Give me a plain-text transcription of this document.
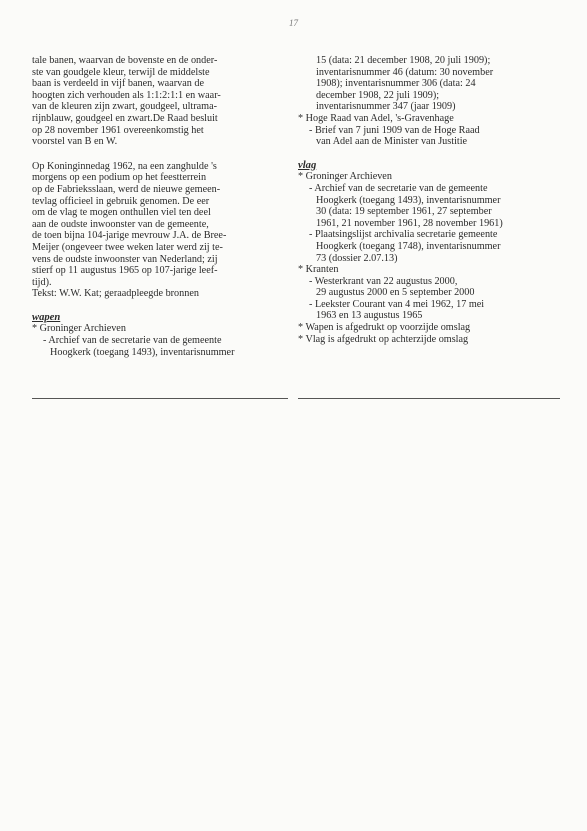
17

tale banen, waarvan de bovenste en de onder-
ste van goudgele kleur, terwijl de middelste
baan is verdeeld in vijf banen, waarvan de
hoogten zich verhouden als 1:1:2:1:1 en waar-
van de kleuren zijn zwart, goudgeel, ultrama-
rijnblauw, goudgeel en zwart.De Raad besluit
op 28 november 1961 overeenkomstig het
voorstel van B en W.

Op Koninginnedag 1962, na een zanghulde 's
morgens op een podium op het feestterrein
op de Fabrieksslaan, werd de nieuwe gemeen-
tevlag officieel in gebruik genomen. De eer
om de vlag te mogen onthullen viel ten deel
aan de oudste inwoonster van de gemeente,
de toen bijna 104-jarige mevrouw J.A. de Bree-
Meijer (ongeveer twee weken later werd zij te-
vens de oudste inwoonster van Nederland; zij
stierf op 11 augustus 1965 op 107-jarige leef-
tijd).
Tekst: W.W. Kat; geraadpleegde bronnen

wapen
* Groninger Archieven
- Archief van de secretarie van de gemeente
Hoogkerk (toegang 1493), inventarisnummer
15 (data: 21 december 1908, 20 juli 1909);
inventarisnummer 46 (datum: 30 november
1908); inventarisnummer 306 (data: 24
december 1908, 22 juli 1909);
inventarisnummer 347 (jaar 1909)
* Hoge Raad van Adel, 's-Gravenhage
- Brief van 7 juni 1909 van de Hoge Raad
van Adel aan de Minister van Justitie
vlag
* Groninger Archieven
- Archief van de secretarie van de gemeente
Hoogkerk (toegang 1493), inventarisnummer
30 (data: 19 september 1961, 27 september
1961, 21 november 1961, 28 november 1961)
- Plaatsingslijst archivalia secretarie gemeente
Hoogkerk (toegang 1748), inventarisnummer
73 (dossier 2.07.13)
* Kranten
- Westerkrant van 22 augustus 2000,
29 augustus 2000 en 5 september 2000
- Leekster Courant van 4 mei 1962, 17 mei
1963 en 13 augustus 1965
* Wapen is afgedrukt op voorzijde omslag
* Vlag is afgedrukt op achterzijde omslag
